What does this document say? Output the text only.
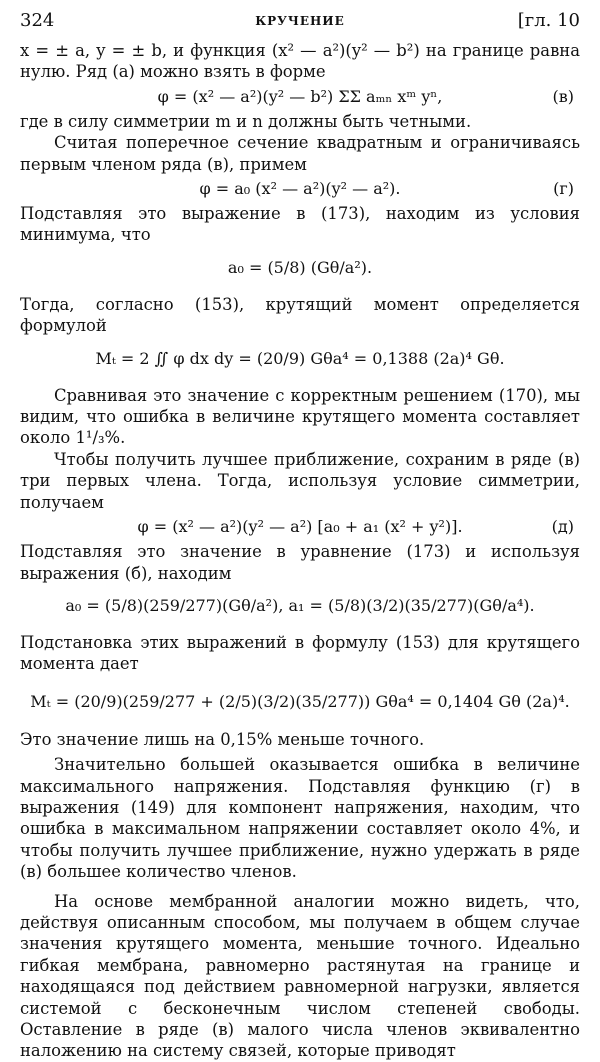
324	КРУЧЕНИЕ	[гл. 10

x = ± a, y = ± b, и функция (x² — a²)(y² — b²) на границе равна нулю. Ряд (а) можно взять в форме

φ = (x² — a²)(y² — b²) ΣΣ aₘₙ xᵐ yⁿ,	(в)

где в силу симметрии m и n должны быть четными.

Считая поперечное сечение квадратным и ограничиваясь первым членом ряда (в), примем

φ = a₀ (x² — a²)(y² — a²).	(г)

Подставляя это выражение в (173), находим из условия минимума, что

a₀ = (5/8) (Gθ/a²).

Тогда, согласно (153), крутящий момент определяется формулой

Mₜ = 2 ∬ φ dx dy = (20/9) Gθa⁴ = 0,1388 (2a)⁴ Gθ.

Сравнивая это значение с корректным решением (170), мы видим, что ошибка в величине крутящего момента составляет около 1¹/₃%.

Чтобы получить лучшее приближение, сохраним в ряде (в) три первых члена. Тогда, используя условие симметрии, получаем

φ = (x² — a²)(y² — a²) [a₀ + a₁ (x² + y²)].	(д)

Подставляя это значение в уравнение (173) и используя выражения (б), находим

a₀ = (5/8)(259/277)(Gθ/a²), a₁ = (5/8)(3/2)(35/277)(Gθ/a⁴).

Подстановка этих выражений в формулу (153) для крутящего момента дает

Mₜ = (20/9)(259/277 + (2/5)(3/2)(35/277)) Gθa⁴ = 0,1404 Gθ (2a)⁴.

Это значение лишь на 0,15% меньше точного.

Значительно большей оказывается ошибка в величине максимального напряжения. Подставляя функцию (г) в выражения (149) для компонент напряжения, находим, что ошибка в максимальном напряжении составляет около 4%, и чтобы получить лучшее приближение, нужно удержать в ряде (в) большее количество членов.

На основе мембранной аналогии можно видеть, что, действуя описанным способом, мы получаем в общем случае значения крутящего момента, меньшие точного. Идеально гибкая мембрана, равномерно растянутая на границе и находящаяся под действием равномерной нагрузки, является системой с бесконечным числом степеней свободы. Оставление в ряде (в) малого числа членов эквивалентно наложению на систему связей, которые приводят
